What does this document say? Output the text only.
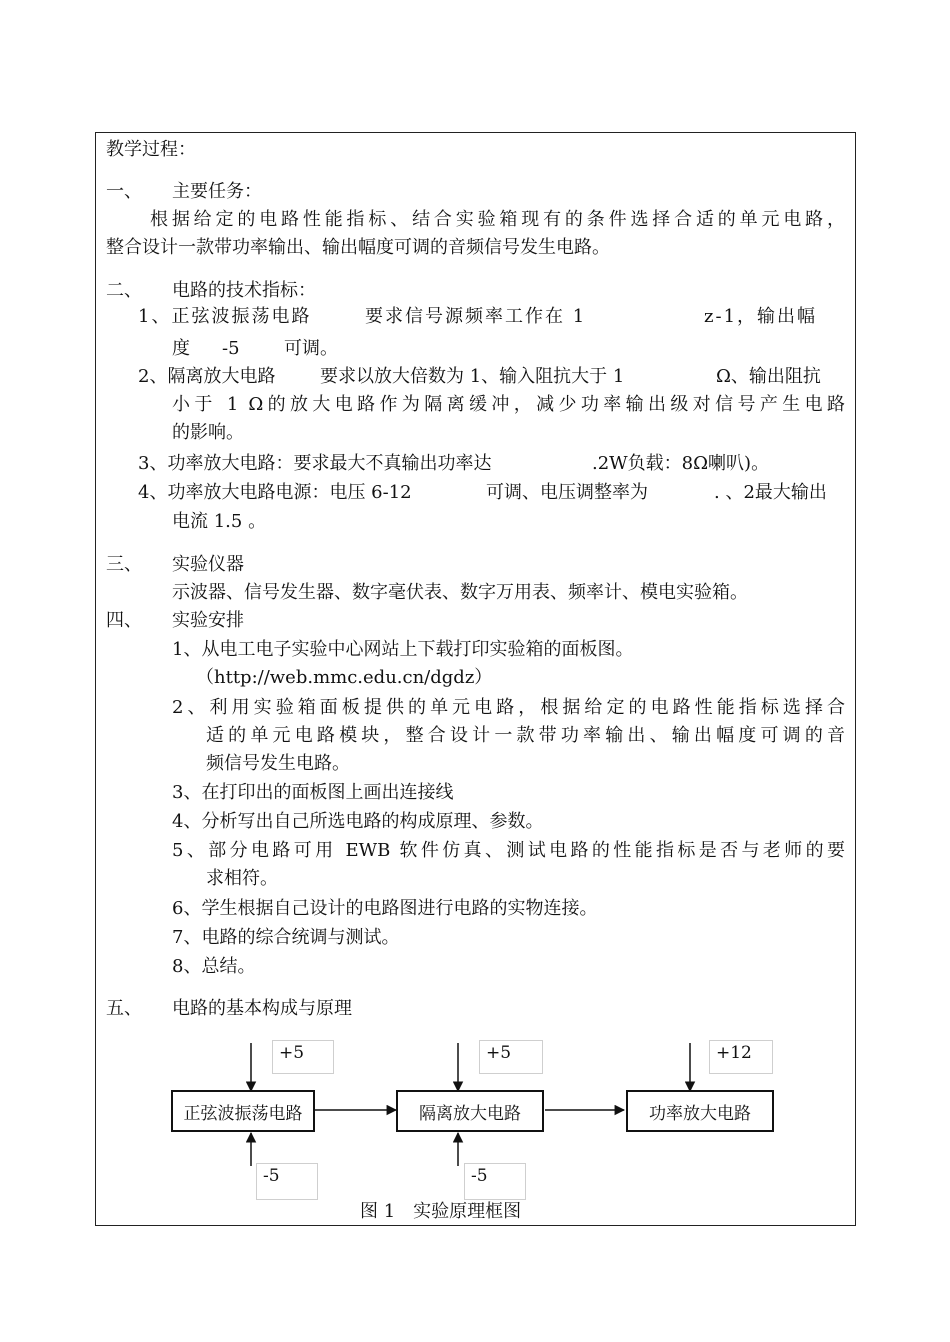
教学过程：
一、 主要任务：
根据给定的电路性能指标、结合实验箱现有的条件选择合适的单元电路，
整合设计一款带功率输出、输出幅度可调的音频信号发生电路。
二、 电路的技术指标：
1、正弦波振荡电路	要求信号源频率工作在 1	z-1，输出幅
度 -5 可调。
2、隔离放大电路 要求以放大倍数为 1、输入阻抗大于 1	Ω、输出阻抗
小于 1 Ω的放大电路作为隔离缓冲，减少功率输出级对信号产生电路
的影响。
3、功率放大电路：要求最大不真输出功率达	.2W负载：8Ω喇叭)。
4、功率放大电路电源：电压 6-12	可调、电压调整率为	. 、2最大输出
电流 1.5 。
三、 实验仪器
示波器、信号发生器、数字毫伏表、数字万用表、频率计、模电实验箱。
四、 实验安排
1、从电工电子实验中心网站上下载打印实验箱的面板图。
（http://web.mmc.edu.cn/dgdz）
2、利用实验箱面板提供的单元电路，根据给定的电路性能指标选择合
适的单元电路模块，整合设计一款带功率输出、输出幅度可调的音
频信号发生电路。
3、在打印出的面板图上画出连接线
4、分析写出自己所选电路的构成原理、参数。
5、部分电路可用 EWB 软件仿真、测试电路的性能指标是否与老师的要
求相符。
6、学生根据自己设计的电路图进行电路的实物连接。
7、电路的综合统调与测试。
8、总结。
五、 电路的基本构成与原理
+5	+5	+12
正弦波振荡电路	隔离放大电路	功率放大电路
-5	-5
图 1　实验原理框图
